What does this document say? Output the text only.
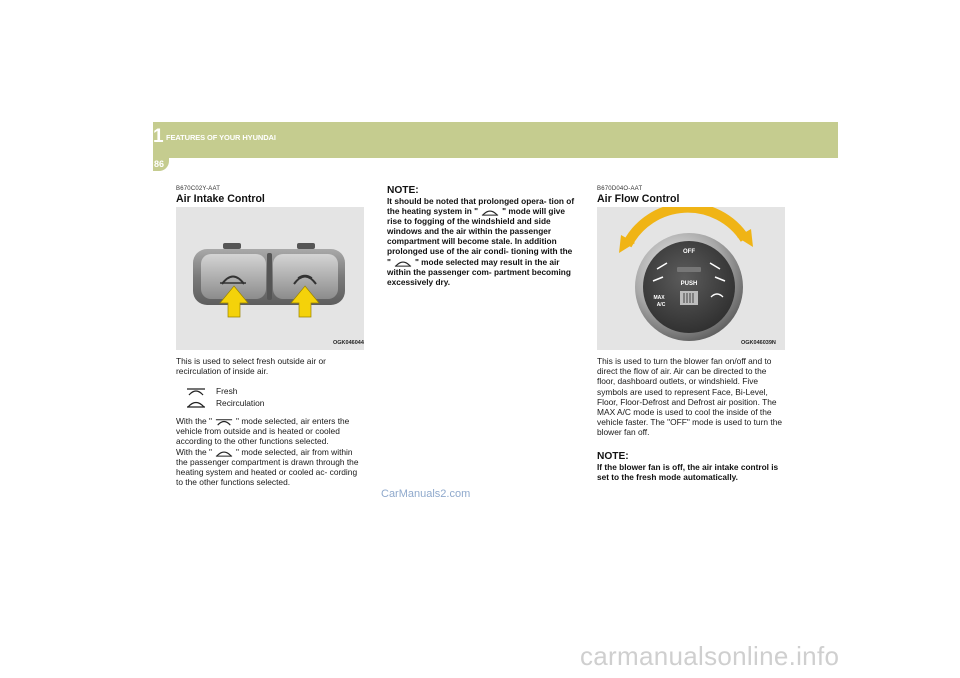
1 FEATURES OF YOUR HYUNDAI
86
B670C02Y-AAT
Air Intake Control
OGK046044

This is used to select fresh outside air or recirculation of inside air.

Fresh
Recirculation

With the "	" mode selected, air enters the vehicle from outside and is heated or cooled according to the other functions selected.
With the "	" mode selected, air from within the passenger compartment is drawn through the heating system and heated or cooled ac- cording to the other functions selected.

NOTE:

It should be noted that prolonged opera- tion of the heating system in "	" mode will give rise to fogging of the windshield and side windows and the air within the passenger compartment will become stale. In addition prolonged use of the air condi- tioning with the "	" mode selected may result in the air within the passenger com- partment becoming excessively dry.

B670D04O-AAT
Air Flow Control
OFF
PUSH
MAX
A/C
OGK046039N

This is used to turn the blower fan on/off and to direct the flow of air. Air can be directed to the floor, dashboard outlets, or windshield. Five symbols are used to represent Face, Bi-Level, Floor, Floor-Defrost and Defrost air position. The MAX A/C mode is used to cool the inside of the vehicle faster. The "OFF" mode is used to turn the blower fan off.

NOTE:

If the blower fan is off, the air intake control is set to the fresh mode automatically.

CarManuals2.com
carmanualsonline.info
